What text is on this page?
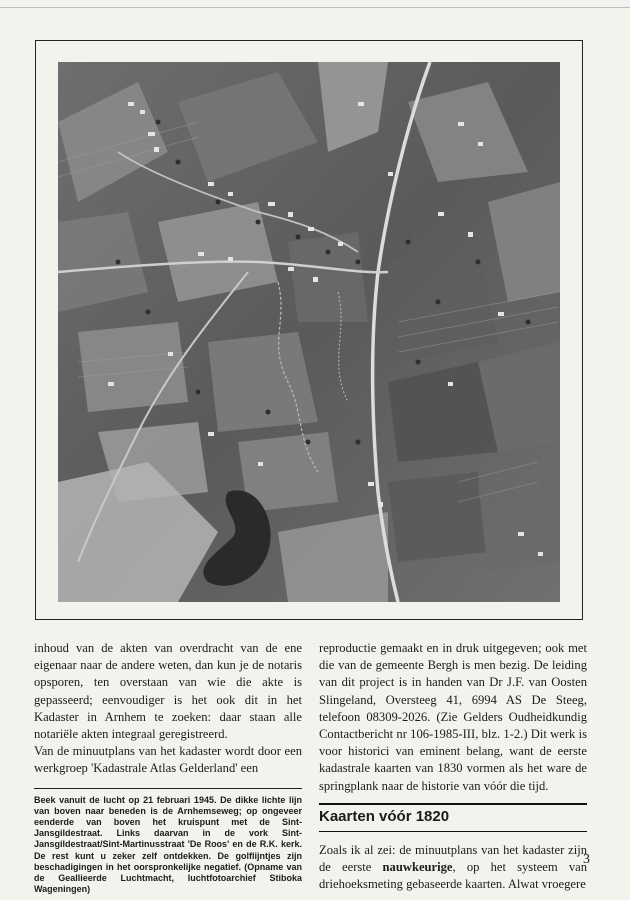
inhoud van de akten van overdracht van de ene eigenaar naar de andere weten, dan kun je de notaris opsporen, ten overstaan van wie die akte is gepasseerd; eenvoudiger is het ook dit in het Kadaster in Arnhem te zoeken: daar staan alle notariële akten integraal geregistreerd.

Van de minuutplans van het kadaster wordt door een werkgroep 'Kadastrale Atlas Gelderland' een

Beek vanuit de lucht op 21 februari 1945. De dikke lichte lijn van boven naar beneden is de Arnhemseweg; op ongeveer eenderde van boven het kruispunt met de Sint-Jansgildestraat. Links daarvan in de vork Sint-Jansgildestraat/Sint-Martinusstraat 'De Roos' en de R.K. kerk. De rest kunt u zeker zelf ontdekken. De golflijntjes zijn beschadigingen in het oorspronkelijke negatief. (Opname van de Geallieerde Luchtmacht, luchtfotoarchief Stiboka Wageningen)

reproductie gemaakt en in druk uitgegeven; ook met die van de gemeente Bergh is men bezig. De leiding van dit project is in handen van Dr J.F. van Oosten Slingeland, Oversteeg 41, 6994 AS De Steeg, telefoon 08309-2026. (Zie Gelders Oudheidkundig Contactbericht nr 106-1985-III, blz. 1-2.) Dit werk is voor historici van eminent belang, want de eerste kadastrale kaarten van 1830 vormen als het ware de springplank naar de historie van vóór die tijd.

Kaarten vóór 1820

Zoals ik al zei: de minuutplans van het kadaster zijn de eerste nauwkeurige, op het systeem van driehoeksmeting gebaseerde kaarten. Alwat vroegere

3
